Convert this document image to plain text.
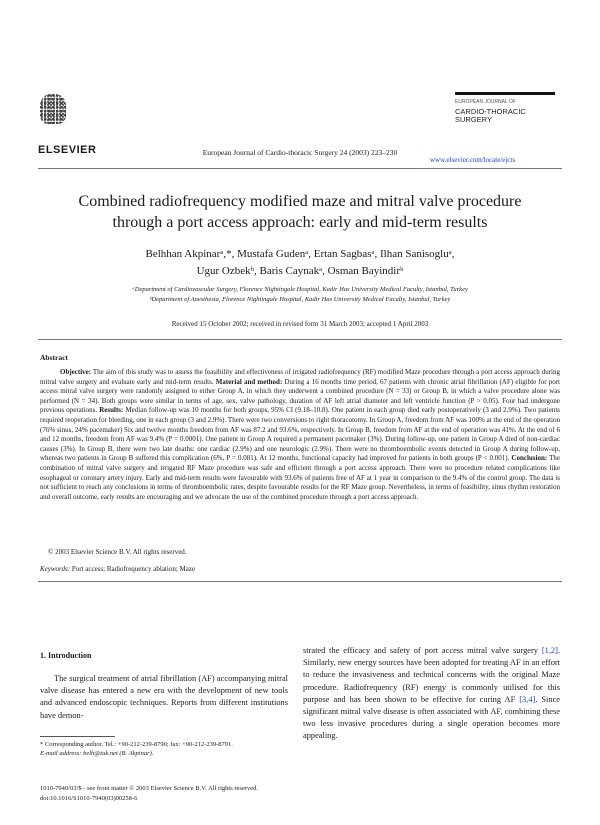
ELSEVIER	European Journal of Cardio-thoracic Surgery 24 (2003) 223–230
EUROPEAN JOURNAL OF
CARDIO-THORACIC
SURGERY
www.elsevier.com/locate/ejcts
Combined radiofrequency modified maze and mitral valve procedure
through a port access approach: early and mid-term results
Belhhan Akpinarᵃ,*, Mustafa Gudenᵃ, Ertan Sagbasᵃ, Ilhan Sanisogluᵃ,
Ugur Ozbekᵇ, Baris Caynakᵃ, Osman Bayindirᵇ
ᵃDepartment of Cardiovascular Surgery, Florence Nightingale Hospital, Kadir Has University Medical Faculty, Istanbul, Turkey
ᵇDepartment of Anesthesia, Florence Nightingale Hospital, Kadir Has University Medical Faculty, Istanbul, Turkey
Received 15 October 2002; received in revised form 31 March 2003; accepted 1 April 2003
Abstract
Objective: The aim of this study was to assess the feasibility and effectiveness of irrigated radiofrequency (RF) modified Maze procedure through a port access approach during mitral valve surgery and evaluate early and mid-term results. Material and method: During a 16 months time period, 67 patients with chronic atrial fibrillation (AF) eligible for port access mitral valve surgery were randomly assigned to either Group A, in which they underwent a combined procedure (N = 33) or Group B, in which a valve procedure alone was performed (N = 34). Both groups were similar in terms of age, sex, valve pathology, duration of AF left atrial diameter and left ventricle function (P > 0.05). Four had undergone previous operations. Results: Median follow-up was 10 months for both groups, 95% CI (9.18–10.8). One patient in each group died early postoperatively (3 and 2.9%). Two patients required reoperation for bleeding, one in each group (3 and 2.9%). There were two conversions to right thoracotomy. In Group A, freedom from AF was 100% at the end of the operation (76% sinus, 24% pacemaker) Six and twelve months freedom from AF was 87.2 and 93.6%, respectively. In Group B, freedom from AF at the end of operation was 41%. At the end of 6 and 12 months, freedom from AF was 9.4% (P = 0.0001). One patient in Group A required a permanent pacemaker (3%). During follow-up, one patient in Group A died of non-cardiac causes (3%). In Group B, there were two late deaths: one cardiac (2.9%) and one neurologic (2.9%). There were no thromboembolic events detected in Group A during follow-up, whereas two patients in Group B suffered this complication (6%, P = 0.081). At 12 months, functional capacity had improved for patients in both groups (P < 0.001). Conclusion: The combination of mitral valve surgery and irrigated RF Maze procedure was safe and efficient through a port access approach. There were no procedure related complications like esophageal or coronary artery injury. Early and mid-term results were favourable with 93.6% of patients free of AF at 1 year in comparison to the 9.4% of the control group. The data is not sufficient to reach any conclusions in terms of thromboembolic rates, despite favourable results for the RF Maze group. Nevertheless, in terms of feasibility, sinus rhythm restoration and overall outcome, early results are encouraging and we advocate the use of the combined procedure through a port access approach.
© 2003 Elsevier Science B.V. All rights reserved.
Keywords: Port access; Radiofrequency ablation; Maze
1. Introduction
The surgical treatment of atrial fibrillation (AF) accompanying mitral valve disease has entered a new era with the development of new tools and advanced endoscopic techniques. Reports from different institutions have demon-
strated the efficacy and safety of port access mitral valve surgery [1,2]. Similarly, new energy sources have been adopted for treating AF in an effort to reduce the invasiveness and technical concerns with the original Maze procedure. Radiofrequency (RF) energy is commonly utilised for this purpose and has been shown to be effective for curing AF [3,4]. Since significant mitral valve disease is often associated with AF, combining these two less invasive procedures during a single operation becomes more appealing.
* Corresponding author. Tel.: +90-212-239-8790; fax: +90-212-239-8791.
E-mail address: belh@tuk.net (B. Akpinar).
1010-7940/03/$ - see front matter © 2003 Elsevier Science B.V. All rights reserved.
doi:10.1016/S1010-7940(03)00258-6
